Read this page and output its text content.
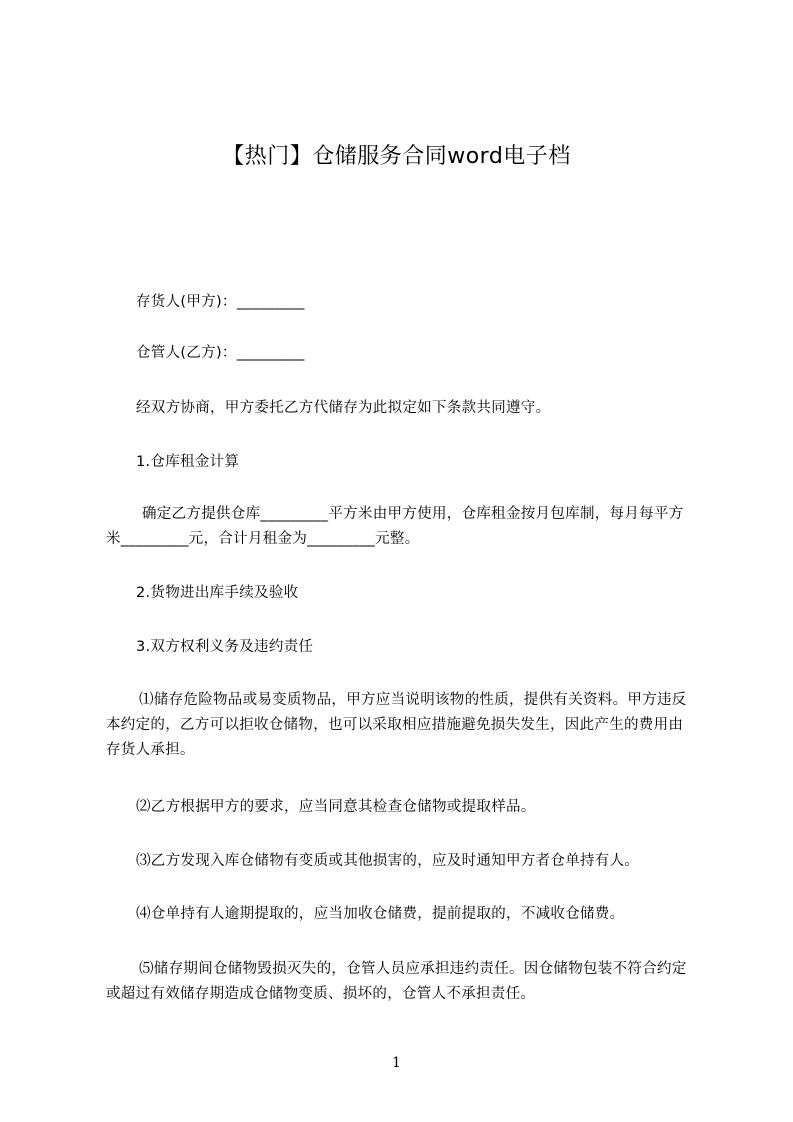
【热门】仓储服务合同word电子档
存货人(甲方)：_________
仓管人(乙方)：_________
经双方协商，甲方委托乙方代储存为此拟定如下条款共同遵守。
1.仓库租金计算
确定乙方提供仓库_________平方米由甲方使用，仓库租金按月包库制，每月每平方米_________元，合计月租金为_________元整。
2.货物进出库手续及验收
3.双方权利义务及违约责任
⑴储存危险物品或易变质物品，甲方应当说明该物的性质，提供有关资料。甲方违反本约定的，乙方可以拒收仓储物，也可以采取相应措施避免损失发生，因此产生的费用由存货人承担。
⑵乙方根据甲方的要求，应当同意其检查仓储物或提取样品。
⑶乙方发现入库仓储物有变质或其他损害的，应及时通知甲方者仓单持有人。
⑷仓单持有人逾期提取的，应当加收仓储费，提前提取的，不减收仓储费。
⑸储存期间仓储物毁损灭失的，仓管人员应承担违约责任。因仓储物包装不符合约定或超过有效储存期造成仓储物变质、损坏的，仓管人不承担责任。
1
